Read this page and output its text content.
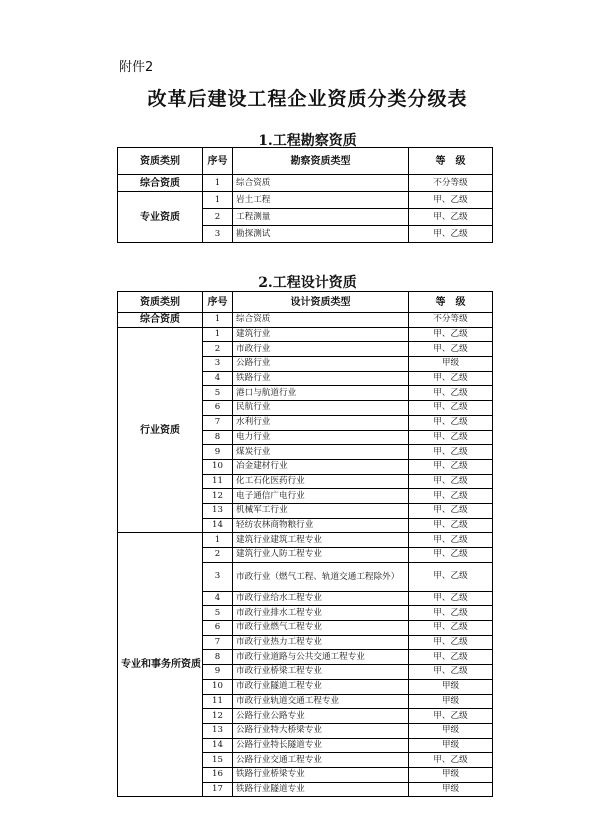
附件2
改革后建设工程企业资质分类分级表
1.工程勘察资质
资质类别	序号	勘察资质类型	等　级
综合资质	1	综合资质	不分等级
专业资质	1	岩土工程	甲、乙级
	2	工程测量	甲、乙级
	3	勘探测试	甲、乙级
2.工程设计资质
资质类别	序号	设计资质类型	等　级
综合资质	1	综合资质	不分等级
行业资质	1	建筑行业	甲、乙级
	2	市政行业	甲、乙级
	3	公路行业	甲级
	4	铁路行业	甲、乙级
	5	港口与航道行业	甲、乙级
	6	民航行业	甲、乙级
	7	水利行业	甲、乙级
	8	电力行业	甲、乙级
	9	煤炭行业	甲、乙级
	10	冶金建材行业	甲、乙级
	11	化工石化医药行业	甲、乙级
	12	电子通信广电行业	甲、乙级
	13	机械军工行业	甲、乙级
	14	轻纺农林商物粮行业	甲、乙级
专业和事务所资质	1	建筑行业建筑工程专业	甲、乙级
	2	建筑行业人防工程专业	甲、乙级
	3	市政行业（燃气工程、轨道交通工程除外）	甲、乙级
	4	市政行业给水工程专业	甲、乙级
	5	市政行业排水工程专业	甲、乙级
	6	市政行业燃气工程专业	甲、乙级
	7	市政行业热力工程专业	甲、乙级
	8	市政行业道路与公共交通工程专业	甲、乙级
	9	市政行业桥梁工程专业	甲、乙级
	10	市政行业隧道工程专业	甲级
	11	市政行业轨道交通工程专业	甲级
	12	公路行业公路专业	甲、乙级
	13	公路行业特大桥梁专业	甲级
	14	公路行业特长隧道专业	甲级
	15	公路行业交通工程专业	甲、乙级
	16	铁路行业桥梁专业	甲级
	17	铁路行业隧道专业	甲级
